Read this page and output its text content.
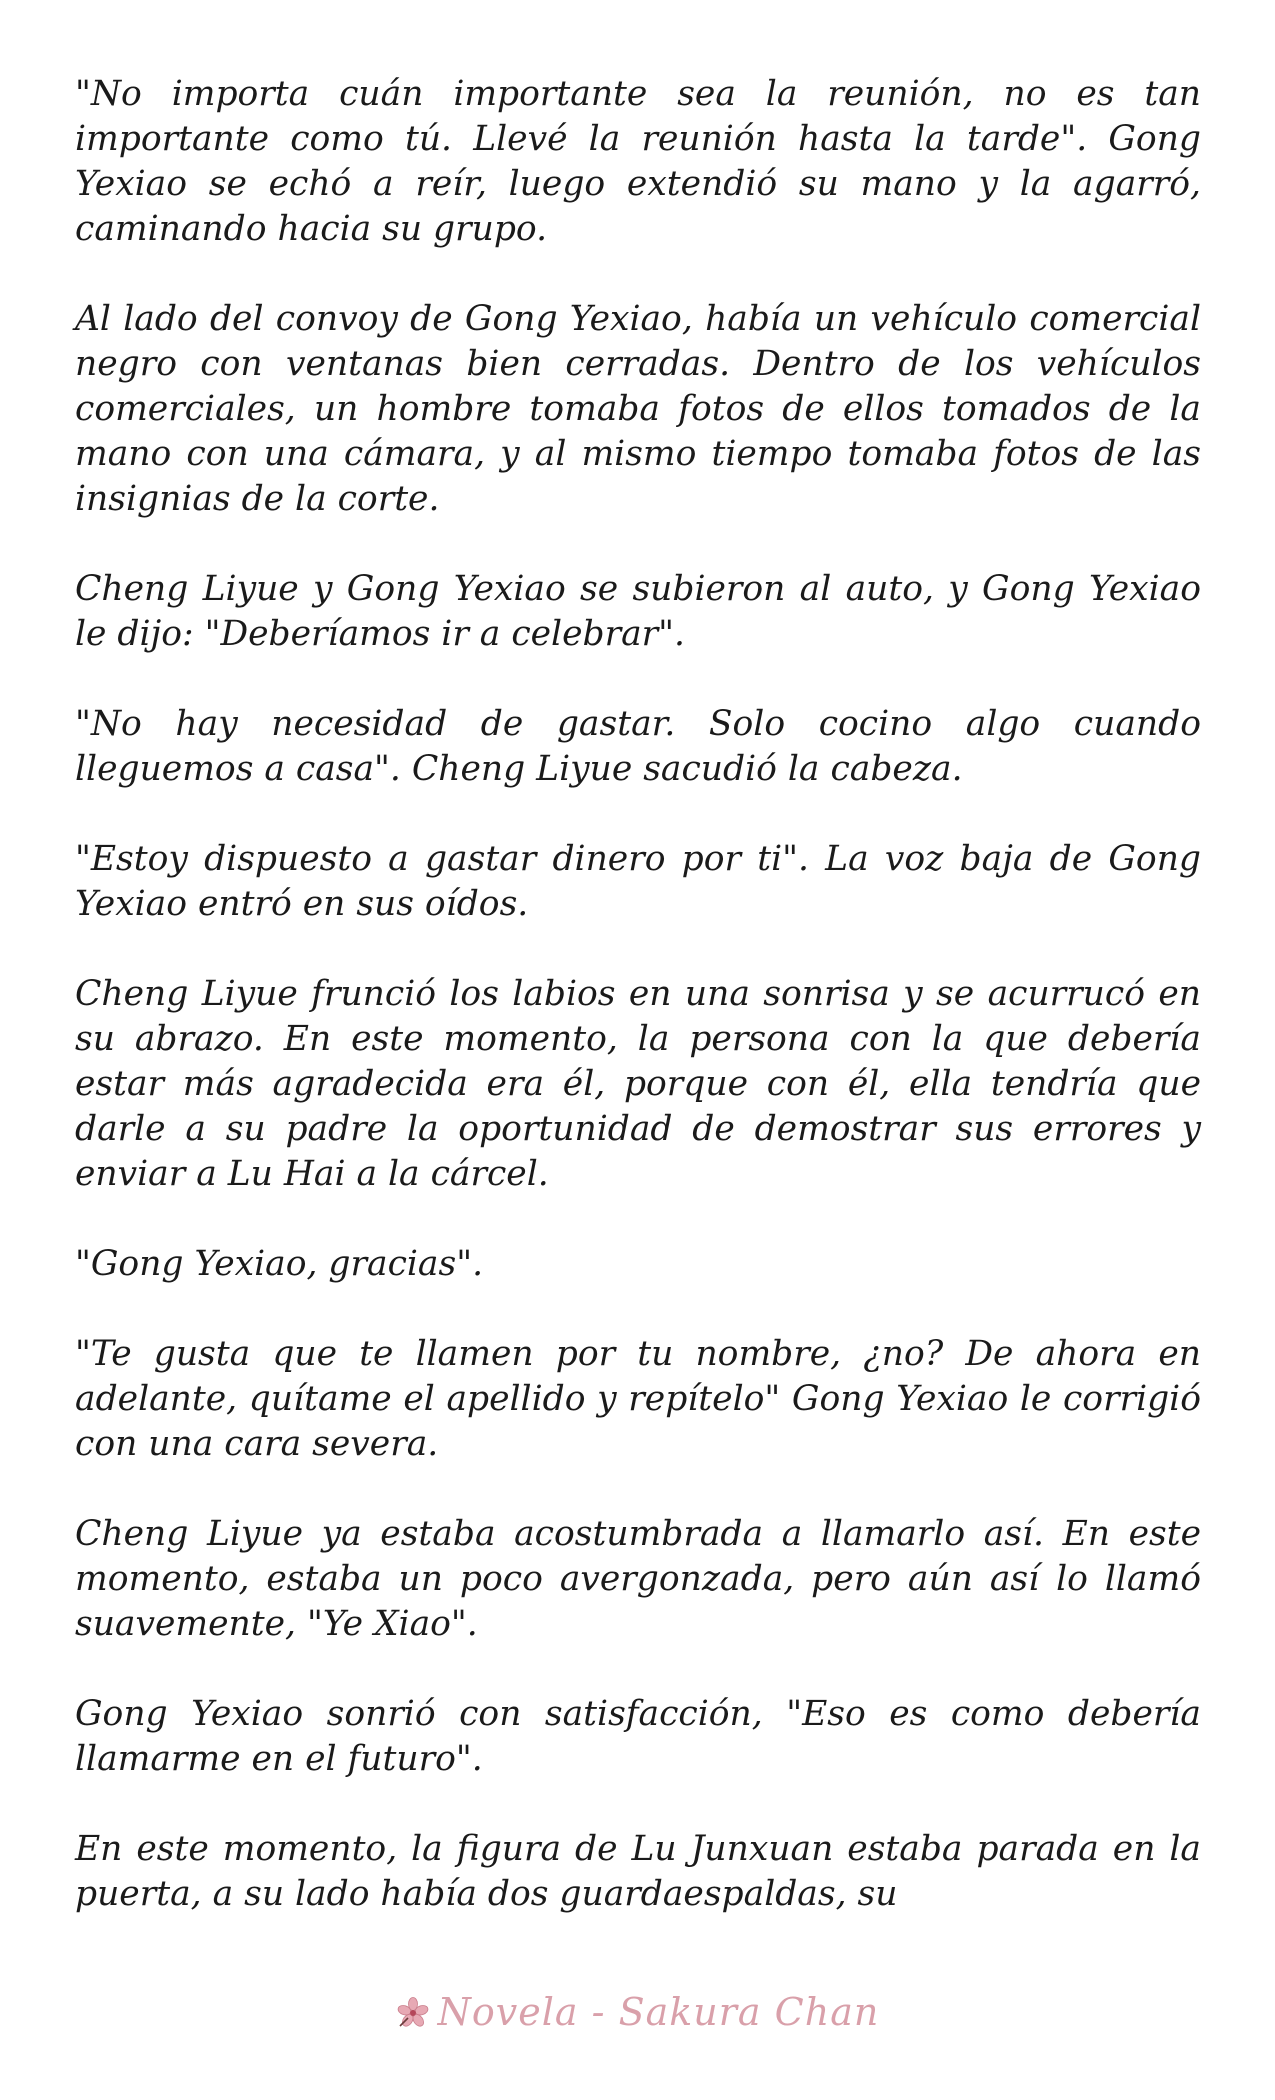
"No importa cuán importante sea la reunión, no es tan importante como tú. Llevé la reunión hasta la tarde". Gong Yexiao se echó a reír, luego extendió su mano y la agarró, caminando hacia su grupo.

Al lado del convoy de Gong Yexiao, había un vehículo comercial negro con ventanas bien cerradas. Dentro de los vehículos comerciales, un hombre tomaba fotos de ellos tomados de la mano con una cámara, y al mismo tiempo tomaba fotos de las insignias de la corte.

Cheng Liyue y Gong Yexiao se subieron al auto, y Gong Yexiao le dijo: "Deberíamos ir a celebrar".

"No hay necesidad de gastar. Solo cocino algo cuando lleguemos a casa". Cheng Liyue sacudió la cabeza.

"Estoy dispuesto a gastar dinero por ti". La voz baja de Gong Yexiao entró en sus oídos.

Cheng Liyue frunció los labios en una sonrisa y se acurrucó en su abrazo. En este momento, la persona con la que debería estar más agradecida era él, porque con él, ella tendría que darle a su padre la oportunidad de demostrar sus errores y enviar a Lu Hai a la cárcel.

"Gong Yexiao, gracias".

"Te gusta que te llamen por tu nombre, ¿no? De ahora en adelante, quítame el apellido y repítelo" Gong Yexiao le corrigió con una cara severa.

Cheng Liyue ya estaba acostumbrada a llamarlo así. En este momento, estaba un poco avergonzada, pero aún así lo llamó suavemente, "Ye Xiao".

Gong Yexiao sonrió con satisfacción, "Eso es como debería llamarme en el futuro".

En este momento, la figura de Lu Junxuan estaba parada en la puerta, a su lado había dos guardaespaldas, su

Novela - Sakura Chan
